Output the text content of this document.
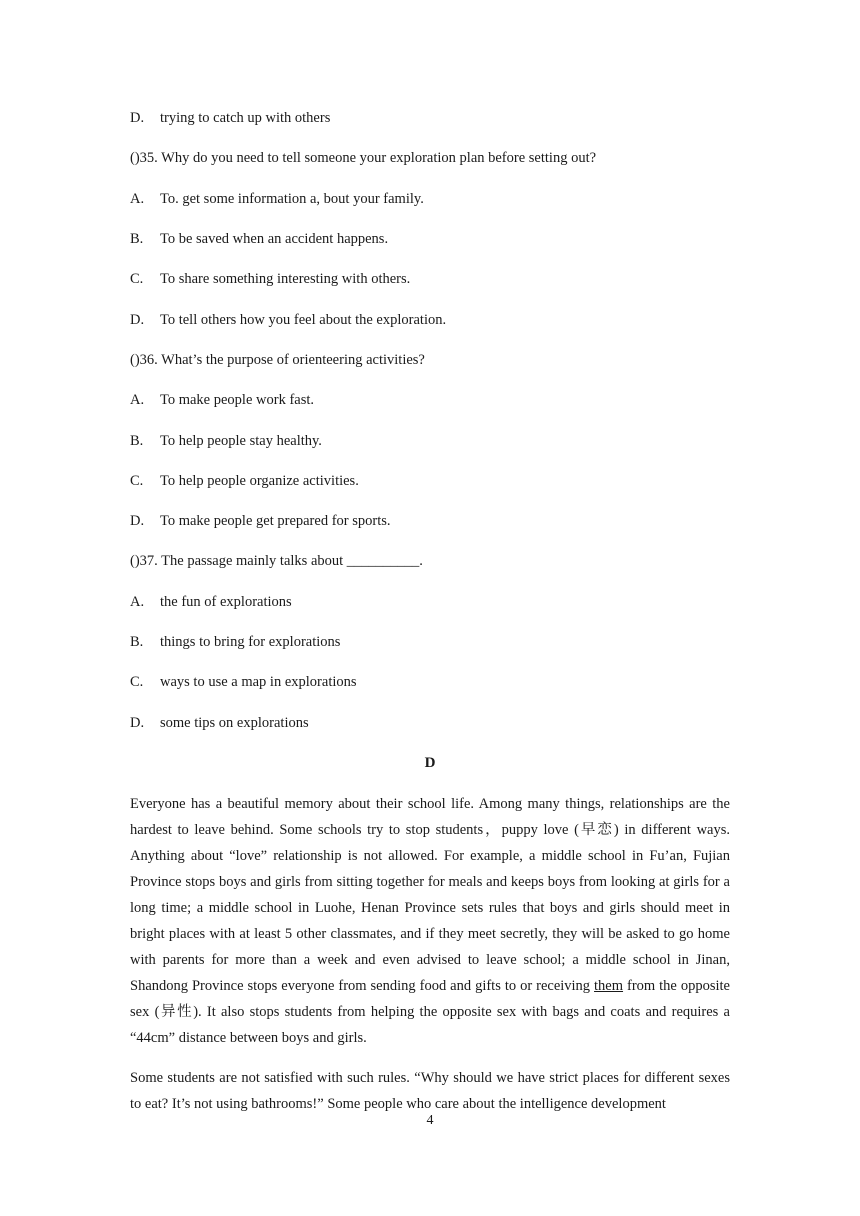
D. trying to catch up with others
()35. Why do you need to tell someone your exploration plan before setting out?
A. To. get some information a, bout your family.
B. To be saved when an accident happens.
C. To share something interesting with others.
D. To tell others how you feel about the exploration.
()36. What’s the purpose of orienteering activities?
A. To make people work fast.
B. To help people stay healthy.
C. To help people organize activities.
D. To make people get prepared for sports.
()37. The passage mainly talks about __________.
A. the fun of explorations
B. things to bring for explorations
C. ways to use a map in explorations
D. some tips on explorations
D
Everyone has a beautiful memory about their school life. Among many things, relationships are the hardest to leave behind. Some schools try to stop students，puppy love (早恋) in different ways. Anything about “love” relationship is not allowed. For example, a middle school in Fu’an, Fujian Province stops boys and girls from sitting together for meals and keeps boys from looking at girls for a long time; a middle school in Luohe, Henan Province sets rules that boys and girls should meet in bright places with at least 5 other classmates, and if they meet secretly, they will be asked to go home with parents for more than a week and even advised to leave school; a middle school in Jinan, Shandong Province stops everyone from sending food and gifts to or receiving them from the opposite sex (异性). It also stops students from helping the opposite sex with bags and coats and requires a “44cm” distance between boys and girls.
Some students are not satisfied with such rules. “Why should we have strict places for different sexes to eat? It’s not using bathrooms!” Some people who care about the intelligence development
4
